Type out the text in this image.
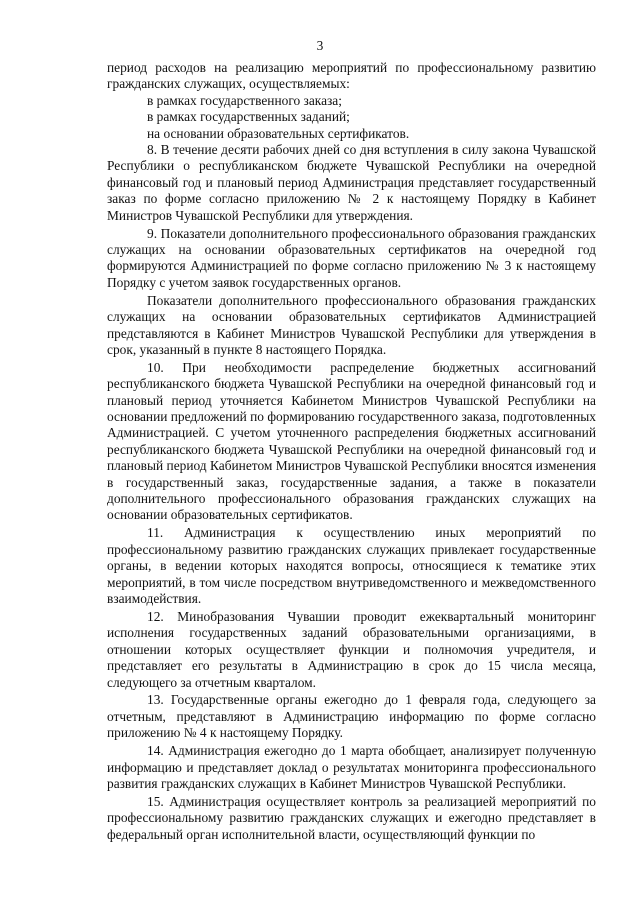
3

период расходов на реализацию мероприятий по профессиональному развитию гражданских служащих, осуществляемых:

в рамках государственного заказа;

в рамках государственных заданий;

на основании образовательных сертификатов.

8. В течение десяти рабочих дней со дня вступления в силу закона Чувашской Республики о республиканском бюджете Чувашской Республики на очередной финансовый год и плановый период Администрация представляет государственный заказ по форме согласно приложению № 2 к настоящему Порядку в Кабинет Министров Чувашской Республики для утверждения.

9. Показатели дополнительного профессионального образования гражданских служащих на основании образовательных сертификатов на очередной год формируются Администрацией по форме согласно приложению № 3 к настоящему Порядку с учетом заявок государственных органов.

Показатели дополнительного профессионального образования гражданских служащих на основании образовательных сертификатов Администрацией представляются в Кабинет Министров Чувашской Республики для утверждения в срок, указанный в пункте 8 настоящего Порядка.

10. При необходимости распределение бюджетных ассигнований республиканского бюджета Чувашской Республики на очередной финансовый год и плановый период уточняется Кабинетом Министров Чувашской Республики на основании предложений по формированию государственного заказа, подготовленных Администрацией. С учетом уточненного распределения бюджетных ассигнований республиканского бюджета Чувашской Республики на очередной финансовый год и плановый период Кабинетом Министров Чувашской Республики вносятся изменения в государственный заказ, государственные задания, а также в показатели дополнительного профессионального образования гражданских служащих на основании образовательных сертификатов.

11. Администрация к осуществлению иных мероприятий по профессиональному развитию гражданских служащих привлекает государственные органы, в ведении которых находятся вопросы, относящиеся к тематике этих мероприятий, в том числе посредством внутриведомственного и межведомственного взаимодействия.

12. Минобразования Чувашии проводит ежеквартальный мониторинг исполнения государственных заданий образовательными организациями, в отношении которых осуществляет функции и полномочия учредителя, и представляет его результаты в Администрацию в срок до 15 числа месяца, следующего за отчетным кварталом.

13. Государственные органы ежегодно до 1 февраля года, следующего за отчетным, представляют в Администрацию информацию по форме согласно приложению № 4 к настоящему Порядку.

14. Администрация ежегодно до 1 марта обобщает, анализирует полученную информацию и представляет доклад о результатах мониторинга профессионального развития гражданских служащих в Кабинет Министров Чувашской Республики.

15. Администрация осуществляет контроль за реализацией мероприятий по профессиональному развитию гражданских служащих и ежегодно представляет в федеральный орган исполнительной власти, осуществляющий функции по
